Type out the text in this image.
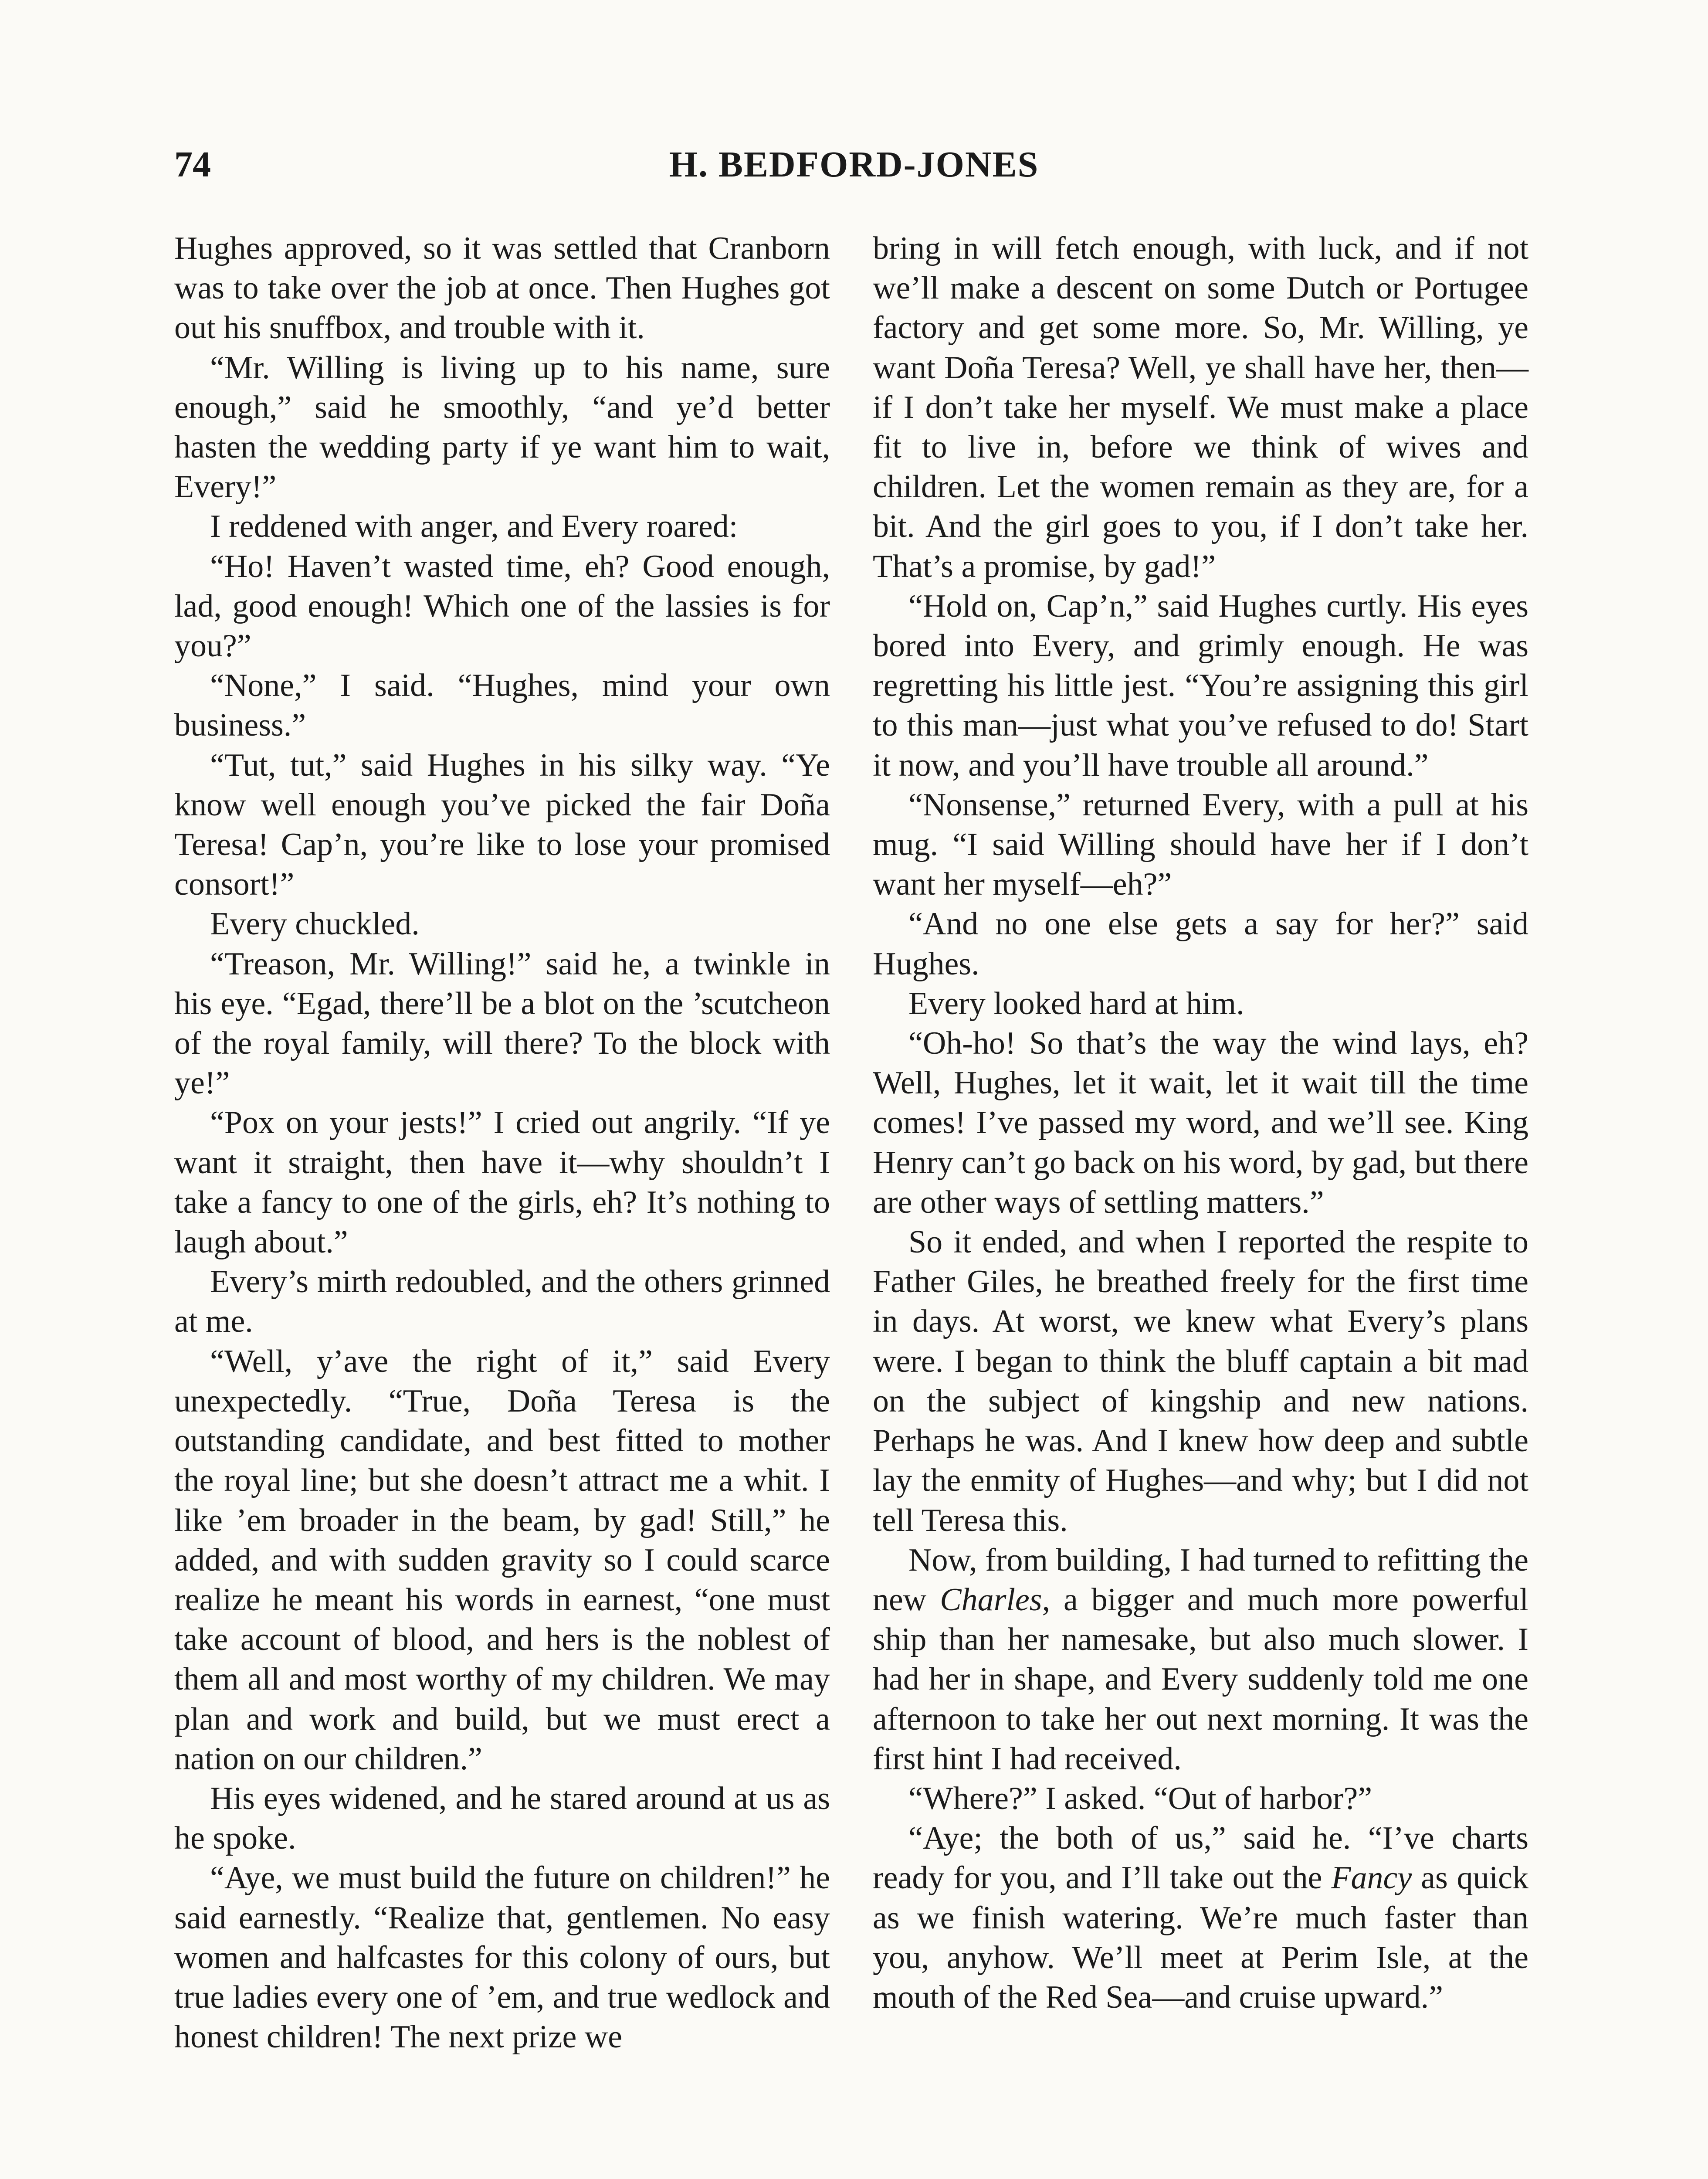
74	H. BEDFORD-JONES

Hughes approved, so it was settled that Cranborn was to take over the job at once. Then Hughes got out his snuffbox, and trouble with it.

“Mr. Willing is living up to his name, sure enough,” said he smoothly, “and ye’d better hasten the wedding party if ye want him to wait, Every!”

I reddened with anger, and Every roared:

“Ho! Haven’t wasted time, eh? Good enough, lad, good enough! Which one of the lassies is for you?”

“None,” I said. “Hughes, mind your own business.”

“Tut, tut,” said Hughes in his silky way. “Ye know well enough you’ve picked the fair Doña Teresa! Cap’n, you’re like to lose your promised consort!”

Every chuckled.

“Treason, Mr. Willing!” said he, a twinkle in his eye. “Egad, there’ll be a blot on the ’scutcheon of the royal family, will there? To the block with ye!”

“Pox on your jests!” I cried out angrily. “If ye want it straight, then have it—why shouldn’t I take a fancy to one of the girls, eh? It’s nothing to laugh about.”

Every’s mirth redoubled, and the others grinned at me.

“Well, y’ave the right of it,” said Every unexpectedly. “True, Doña Teresa is the outstanding candidate, and best fitted to mother the royal line; but she doesn’t attract me a whit. I like ’em broader in the beam, by gad! Still,” he added, and with sudden gravity so I could scarce realize he meant his words in earnest, “one must take account of blood, and hers is the noblest of them all and most worthy of my children. We may plan and work and build, but we must erect a nation on our children.”

His eyes widened, and he stared around at us as he spoke.

“Aye, we must build the future on children!” he said earnestly. “Realize that, gentlemen. No easy women and halfcastes for this colony of ours, but true ladies every one of ’em, and true wedlock and honest children! The next prize we

bring in will fetch enough, with luck, and if not we’ll make a descent on some Dutch or Portugee factory and get some more. So, Mr. Willing, ye want Doña Teresa? Well, ye shall have her, then—if I don’t take her myself. We must make a place fit to live in, before we think of wives and children. Let the women remain as they are, for a bit. And the girl goes to you, if I don’t take her. That’s a promise, by gad!”

“Hold on, Cap’n,” said Hughes curtly. His eyes bored into Every, and grimly enough. He was regretting his little jest. “You’re assigning this girl to this man—just what you’ve refused to do! Start it now, and you’ll have trouble all around.”

“Nonsense,” returned Every, with a pull at his mug. “I said Willing should have her if I don’t want her myself—eh?”

“And no one else gets a say for her?” said Hughes.

Every looked hard at him.

“Oh-ho! So that’s the way the wind lays, eh? Well, Hughes, let it wait, let it wait till the time comes! I’ve passed my word, and we’ll see. King Henry can’t go back on his word, by gad, but there are other ways of settling matters.”

So it ended, and when I reported the respite to Father Giles, he breathed freely for the first time in days. At worst, we knew what Every’s plans were. I began to think the bluff captain a bit mad on the subject of kingship and new nations. Perhaps he was. And I knew how deep and subtle lay the enmity of Hughes—and why; but I did not tell Teresa this.

Now, from building, I had turned to refitting the new Charles, a bigger and much more powerful ship than her namesake, but also much slower. I had her in shape, and Every suddenly told me one afternoon to take her out next morning. It was the first hint I had received.

“Where?” I asked. “Out of harbor?”

“Aye; the both of us,” said he. “I’ve charts ready for you, and I’ll take out the Fancy as quick as we finish watering. We’re much faster than you, anyhow. We’ll meet at Perim Isle, at the mouth of the Red Sea—and cruise upward.”
